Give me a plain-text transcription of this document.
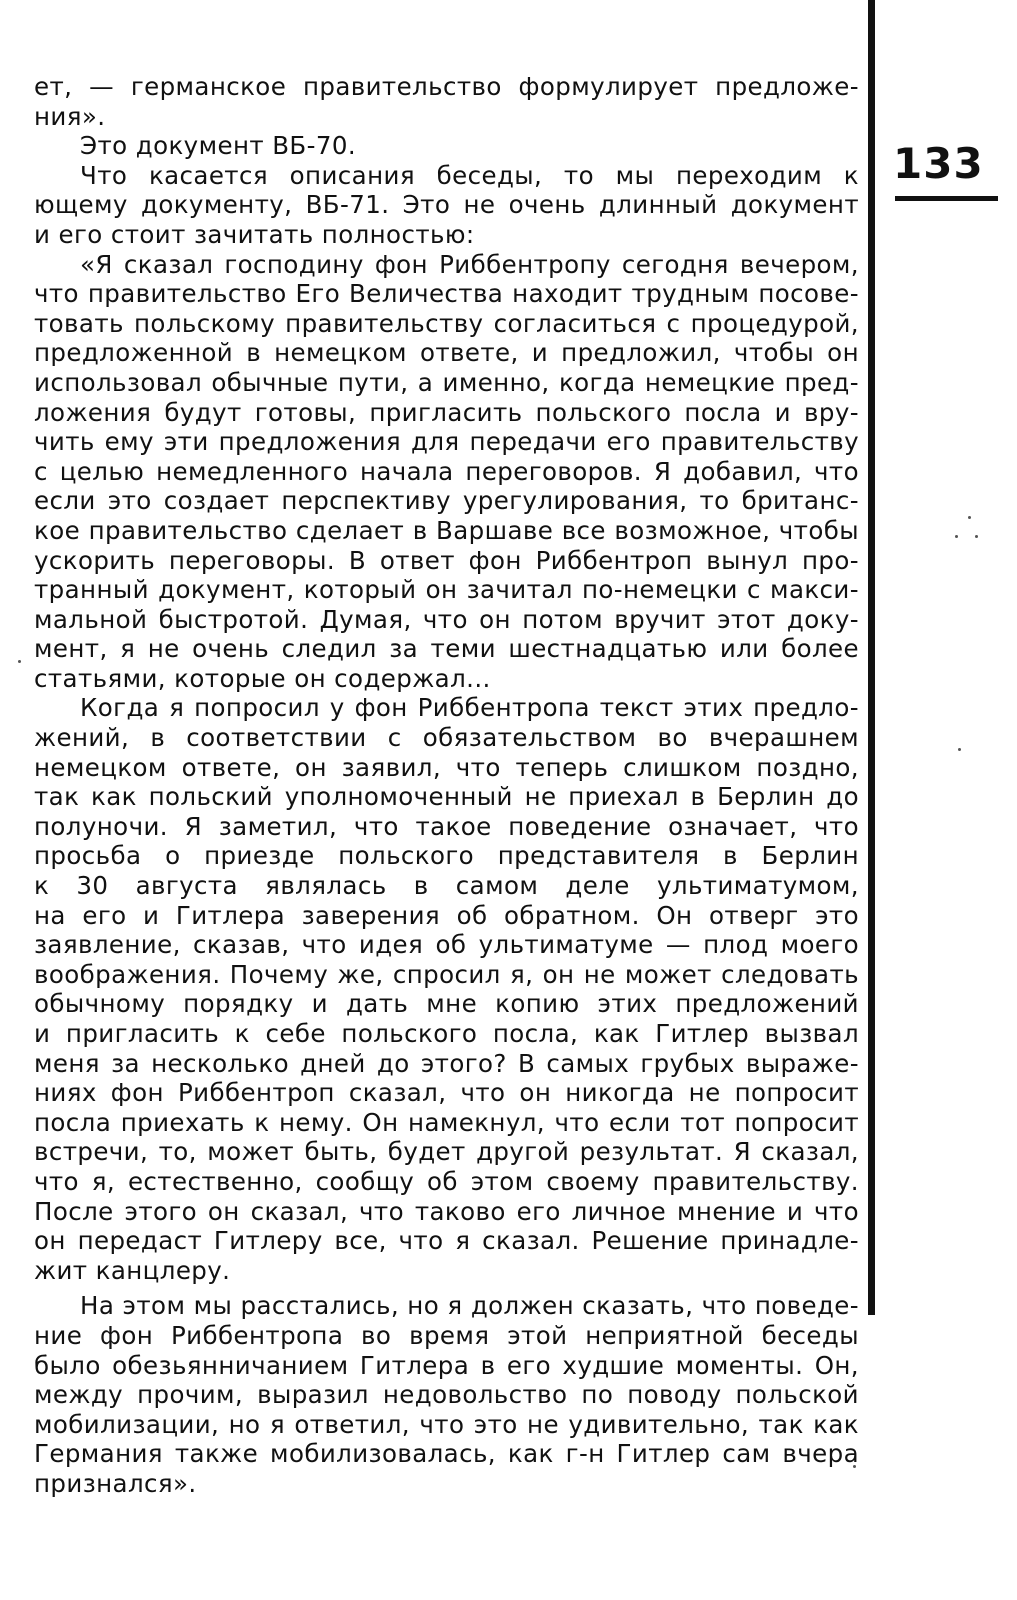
133
ет, — германское правительство формулирует предложе-
ния».
Это документ ВБ-70.
Что касается описания беседы, то мы переходим к
ющему документу, ВБ-71. Это не очень длинный документ
и его стоит зачитать полностью:
«Я сказал господину фон Риббентропу сегодня вечером,
что правительство Его Величества находит трудным посове-
товать польскому правительству согласиться с процедурой,
предложенной в немецком ответе, и предложил, чтобы он
использовал обычные пути, а именно, когда немецкие пред-
ложения будут готовы, пригласить польского посла и вру-
чить ему эти предложения для передачи его правительству
с целью немедленного начала переговоров. Я добавил, что
если это создает перспективу урегулирования, то британс-
кое правительство сделает в Варшаве все возможное, чтобы
ускорить переговоры. В ответ фон Риббентроп вынул про-
транный документ, который он зачитал по-немецки с макси-
мальной быстротой. Думая, что он потом вручит этот доку-
мент, я не очень следил за теми шестнадцатью или более
статьями, которые он содержал...
Когда я попросил у фон Риббентропа текст этих предло-
жений, в соответствии с обязательством во вчерашнем
немецком ответе, он заявил, что теперь слишком поздно,
так как польский уполномоченный не приехал в Берлин до
полуночи. Я заметил, что такое поведение означает, что
просьба о приезде польского представителя в Берлин
к 30 августа являлась в самом деле ультиматумом,
на его и Гитлера заверения об обратном. Он отверг это
заявление, сказав, что идея об ультиматуме — плод моего
воображения. Почему же, спросил я, он не может следовать
обычному порядку и дать мне копию этих предложений
и пригласить к себе польского посла, как Гитлер вызвал
меня за несколько дней до этого? В самых грубых выраже-
ниях фон Риббентроп сказал, что он никогда не попросит
посла приехать к нему. Он намекнул, что если тот попросит
встречи, то, может быть, будет другой результат. Я сказал,
что я, естественно, сообщу об этом своему правительству.
После этого он сказал, что таково его личное мнение и что
он передаст Гитлеру все, что я сказал. Решение принадле-
жит канцлеру.
На этом мы расстались, но я должен сказать, что поведе-
ние фон Риббентропа во время этой неприятной беседы
было обезьянничанием Гитлера в его худшие моменты. Он,
между прочим, выразил недовольство по поводу польской
мобилизации, но я ответил, что это не удивительно, так как
Германия также мобилизовалась, как г-н Гитлер сам вчера
признался».
